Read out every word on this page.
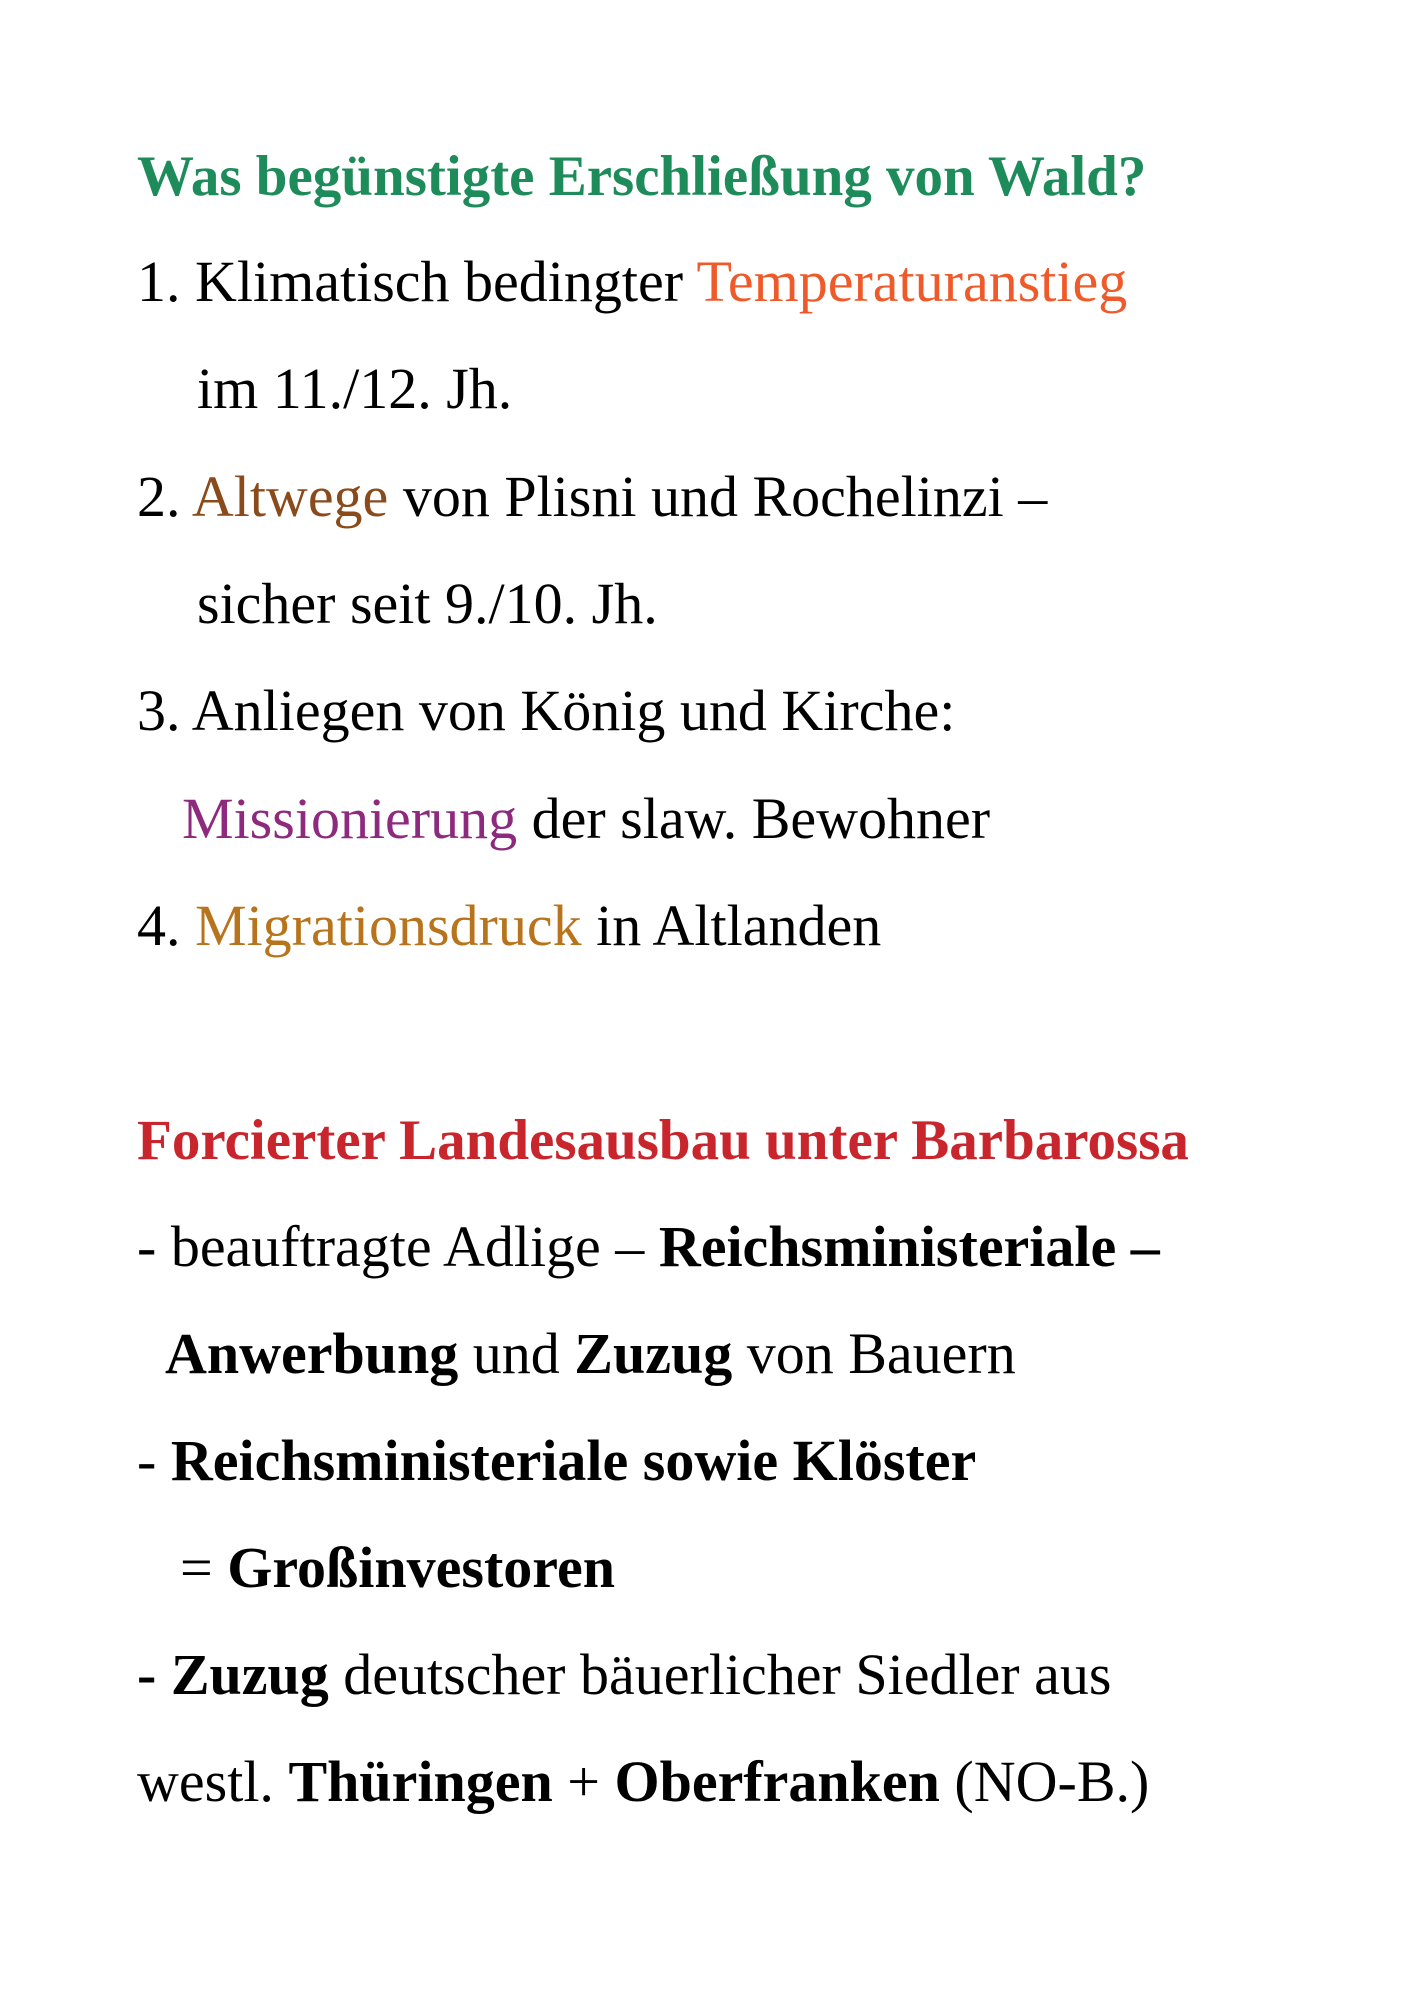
Was begünstigte Erschließung von Wald?
1. Klimatisch bedingter Temperaturanstieg
im 11./12. Jh.
2. Altwege von Plisni und Rochelinzi –
sicher seit 9./10. Jh.
3. Anliegen von König und Kirche:
Missionierung der slaw. Bewohner
4. Migrationsdruck in Altlanden
Forcierter Landesausbau unter Barbarossa
- beauftragte Adlige – Reichsministeriale –
Anwerbung und Zuzug von Bauern
- Reichsministeriale sowie Klöster
= Großinvestoren
- Zuzug deutscher bäuerlicher Siedler aus
westl. Thüringen + Oberfranken (NO-B.)
